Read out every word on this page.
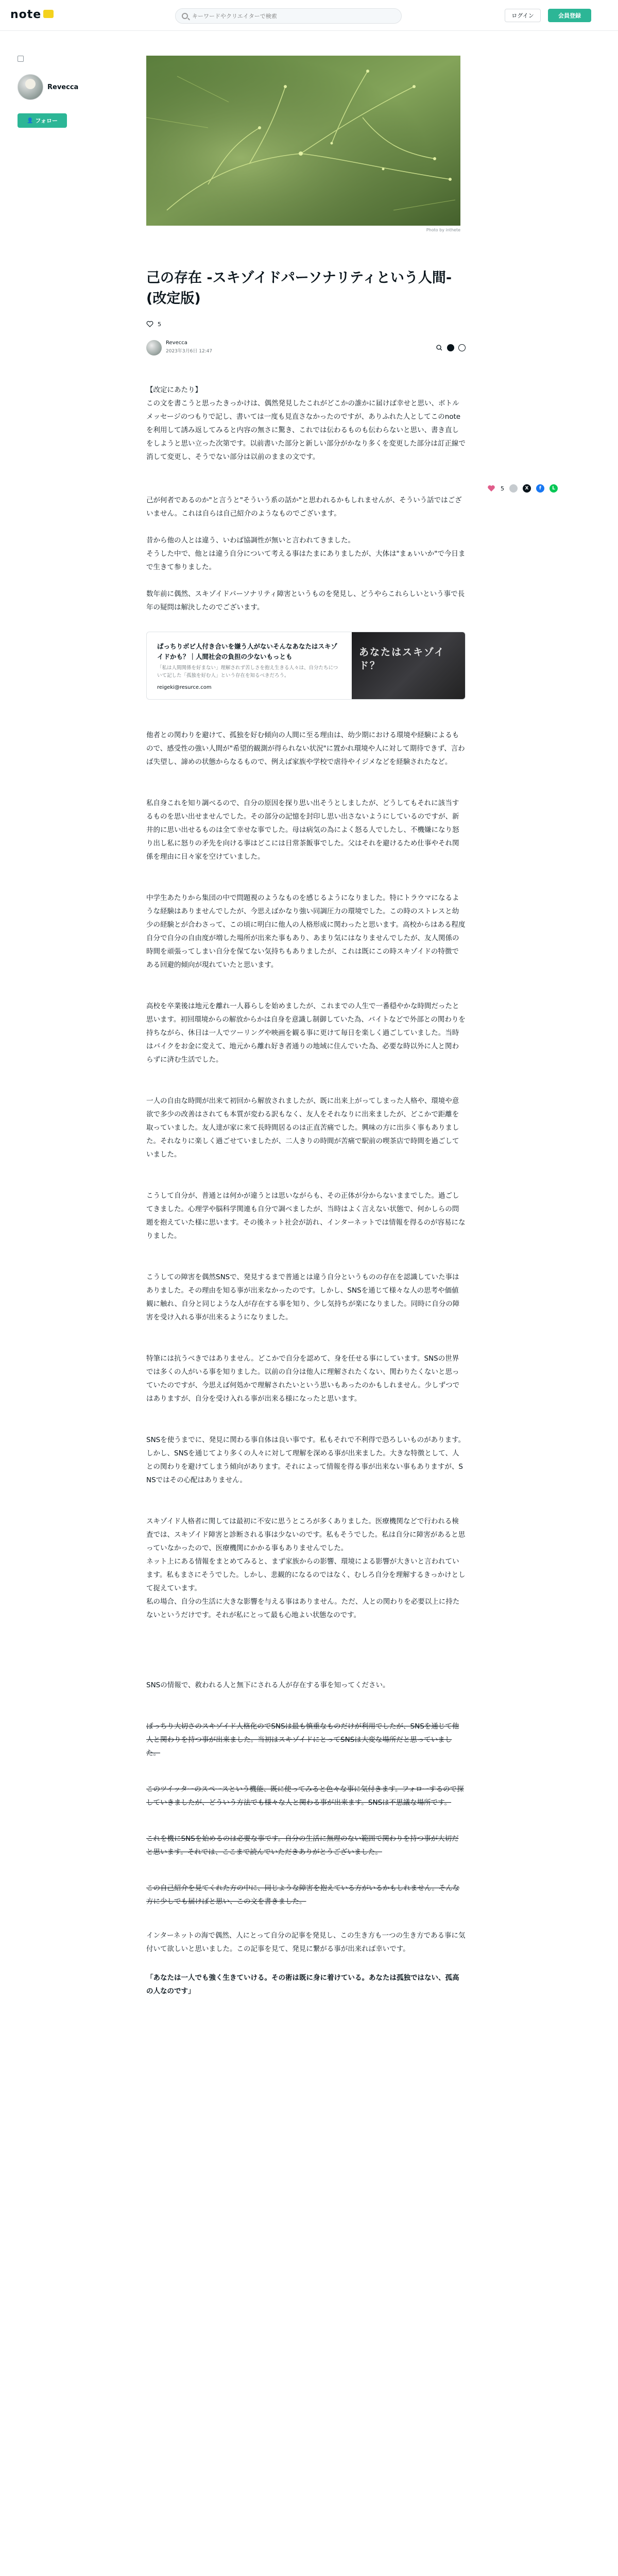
note
キーワードやクリエイターで検索	ログイン	会員登録
Revecca
👤 フォロー
Photo by inthete
己の存在 -スキゾイドパーソナリティという人間-(改定版)
5
Revecca
2023年3月6日 12:47
5	X	f	L

【改定にあたり】
この文を書こうと思ったきっかけは、偶然発見したこれがどこかの誰かに届けば幸せと思い、ボトルメッセージのつもりで記し、書いては一度も見直さなかったのですが、ありふれた人としてこのnoteを利用して誘み返してみると内容の無さに驚き、これでは伝わるものも伝わらないと思い、書き直しをしようと思い立った次第です。以前書いた部分と新しい部分がかなり多くを変更した部分は訂正線で消して変更し、そうでない部分は以前のままの文です。

己が何者であるのか"と言うと"そういう系の話か"と思われるかもしれませんが、そういう話ではございません。これは自らは自己紹介のようなものでございます。

昔から他の人とは違う、いわば協調性が無いと言われてきました。
そうした中で、他とは違う自分について考える事はたまにありましたが、大体は"まぁいいか"で今日まで生きて参りました。

数年前に偶然、スキゾイドパーソナリティ障害というものを発見し、どうやらこれらしいという事で長年の疑問は解決したのでございます。

ぱっちりボビ人付き合いを嫌う人がないそんなあなたはスキゾイドかも？｜人間社会の負担の少ないもっとも
「私は人間関係を好まない」理解されず苦しさを抱え生きる人々は、自分たちについて記した「孤独を好む人」という存在を知るべきだろう。
reigeki@resurce.com
あなたはスキゾイド？

他者との関わりを避けて、孤独を好む傾向の人間に至る理由は、幼少期における環境や経験によるもので、感受性の強い人間が"希望的観測が得られない状況"に置かれ環境や人に対して期待できず、言わば失望し、諦めの状態からなるもので、例えば家族や学校で虐待やイジメなどを経験されたなど。

私自身これを知り調べるので、自分の原因を探り思い出そうとしましたが、どうしてもそれに該当するものを思い出せませんでした。その部分の記憶を封印し思い出さないようにしているのですが、新井的に思い出せるものは全て幸せな事でした。母は病気の為によく怒る人でしたし、不機嫌になり怒り出し私に怒りの矛先を向ける事はどこには日常茶飯事でした。父はそれを避けるため仕事やそれ関係を理由に日々家を空けていました。

中学生あたりから集団の中で問題視のようなものを感じるようになりました。特にトラウマになるような経験はありませんでしたが、今思えばかなり強い同調圧力の環境でした。この時のストレスと幼少の経験とが合わさって、この頃に明白に他人の人格形成に関わったと思います。高校からはある程度自分で自分の自由度が増した場所が出来た事もあり、あまり気にはなりませんでしたが、友人関係の時間を頑張ってしまい自分を保てない気持ちもありましたが、これは既にこの時スキゾイドの特徴である回避的傾向が現れていたと思います。

高校を卒業後は地元を離れ一人暮らしを始めましたが、これまでの人生で一番穏やかな時間だったと思います。初回環境からの解放からかは自身を意識し制御していた為、バイトなどで外部との関わりを持ちながら、休日は一人でツーリングや映画を観る事に更けて毎日を楽しく過ごしていました。当時はバイクをお金に変えて、地元から離れ好き者通りの地域に住んでいた為、必要な時以外に人と関わらずに済む生活でした。

一人の自由な時間が出来て初回から解放されましたが、既に出来上がってしまった人格や、環境や意欲で多少の改善はされても本質が変わる訳もなく、友人をそれなりに出来ましたが、どこかで距離を取っていました。友人達が家に来て長時間居るのは正直苦痛でした。興味の方に出歩く事もありました。それなりに楽しく過ごせていましたが、二人きりの時間が苦痛で駅前の喫茶店で時間を過ごしていました。

こうして自分が、普通とは何かが違うとは思いながらも、その正体が分からないままでした。過ごしてきました。心理学や脳科学関連も自分で調べましたが、当時はよく言えない状態で、何かしらの問題を抱えていた様に思います。その後ネット社会が訪れ、インターネットでは情報を得るのが容易になりました。

こうしての障害を偶然SNSで、発見するまで普通とは違う自分というものの存在を認識していた事はありました。その理由を知る事が出来なかったのです。しかし、SNSを通じて様々な人の思考や価値観に触れ、自分と同じような人が存在する事を知り、少し気持ちが楽になりました。同時に自分の障害を受け入れる事が出来るようになりました。

特筆には抗うべきではありません。どこかで自分を認めて、身を任せる事にしています。SNSの世界では多くの人がいる事を知りました。以前の自分は他人に理解されたくない、関わりたくないと思っていたのですが、今思えば何処かで理解されたいという思いもあったのかもしれません。少しずつではありますが、自分を受け入れる事が出来る様になったと思います。

SNSを使うまでに、発見に関わる事自体は良い事です。私もそれで不利得で恐ろしいものがあります。しかし、SNSを通じてより多くの人々に対して理解を深める事が出来ました。大きな特徴として、人との関わりを避けてしまう傾向があります。それによって情報を得る事が出来ない事もありますが、SNSではその心配はありません。

スキゾイド人格者に関しては最初に不安に思うところが多くありました。医療機関などで行われる検査では、スキゾイド障害と診断される事は少ないのです。私もそうでした。私は自分に障害があると思っていなかったので、医療機関にかかる事もありませんでした。
ネット上にある情報をまとめてみると、まず家族からの影響、環境による影響が大きいと言われています。私もまさにそうでした。しかし、悲観的になるのではなく、むしろ自分を理解するきっかけとして捉えています。
私の場合、自分の生活に大きな影響を与える事はありません。ただ、人との関わりを必要以上に持たないというだけです。それが私にとって最も心地よい状態なのです。

SNSの情報で、救われる人と無下にされる人が存在する事を知ってください。

ぱっちり大切さのスキゾイド人格化のでSNSは最も慎重なものだけが利用でしたが、SNSを通じて他人と関わりを持つ事が出来ました。当初はスキゾイドにとってSNSは大変な場所だと思っていました。

このツイッターのスペースという機能、既に使ってみると色々な事に気付きます。フォローするので探していきましたが、どういう方法でも様々な人と関わる事が出来ます。SNSは不思議な場所です。

これを機にSNSを始めるのは必要な事です。自分の生活に無理のない範囲で関わりを持つ事が大切だと思います。それでは、ここまで読んでいただきありがとうございました。

この自己紹介を見てくれた方の中に、同じような障害を抱えている方がいるかもしれません。そんな方に少しでも届けばと思い、この文を書きました。

インターネットの海で偶然、人にとって自分の記事を発見し、この生き方も一つの生き方である事に気付いて欲しいと思いました。この記事を見て、発見に繋がる事が出来れば幸いです。

「あなたは一人でも強く生きていける。その術は既に身に着けている。あなたは孤独ではない、孤高の人なのです」
